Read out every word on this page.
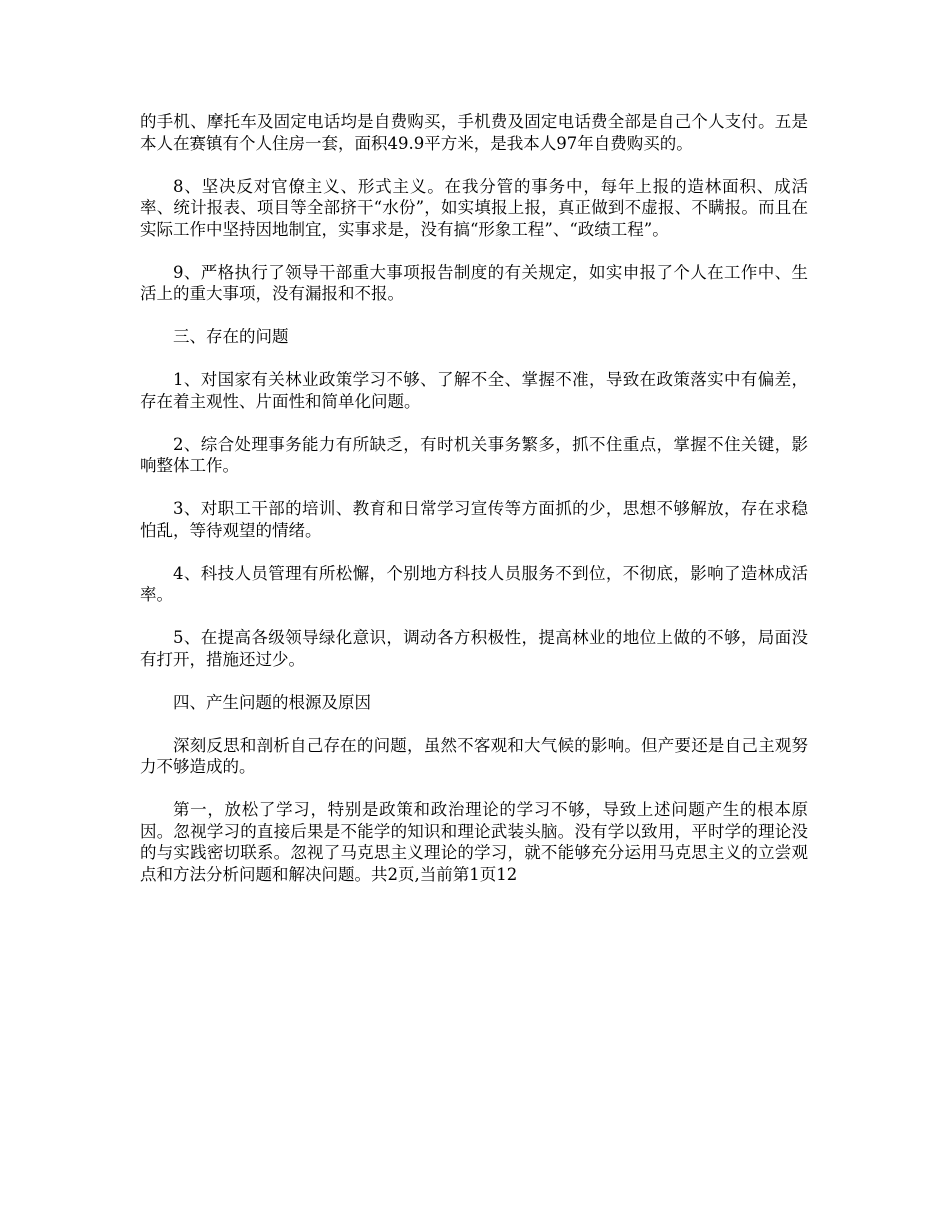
的手机、摩托车及固定电话均是自费购买，手机费及固定电话费全部是自己个人支付。五是本人在赛镇有个人住房一套，面积49.9平方米，是我本人97年自费购买的。

8、坚决反对官僚主义、形式主义。在我分管的事务中，每年上报的造林面积、成活率、统计报表、项目等全部挤干“水份”，如实填报上报，真正做到不虚报、不瞒报。而且在实际工作中坚持因地制宜，实事求是，没有搞“形象工程”、“政绩工程”。

9、严格执行了领导干部重大事项报告制度的有关规定，如实申报了个人在工作中、生活上的重大事项，没有漏报和不报。

三、存在的问题

1、对国家有关林业政策学习不够、了解不全、掌握不准，导致在政策落实中有偏差，存在着主观性、片面性和简单化问题。

2、综合处理事务能力有所缺乏，有时机关事务繁多，抓不住重点，掌握不住关键，影响整体工作。

3、对职工干部的培训、教育和日常学习宣传等方面抓的少，思想不够解放，存在求稳怕乱，等待观望的情绪。

4、科技人员管理有所松懈，个别地方科技人员服务不到位，不彻底，影响了造林成活率。

5、在提高各级领导绿化意识，调动各方积极性，提高林业的地位上做的不够，局面没有打开，措施还过少。

四、产生问题的根源及原因

深刻反思和剖析自己存在的问题，虽然不客观和大气候的影响。但产要还是自己主观努力不够造成的。

第一，放松了学习，特别是政策和政治理论的学习不够，导致上述问题产生的根本原因。忽视学习的直接后果是不能学的知识和理论武装头脑。没有学以致用，平时学的理论没的与实践密切联系。忽视了马克思主义理论的学习，就不能够充分运用马克思主义的立尝观点和方法分析问题和解决问题。共2页,当前第1页12
